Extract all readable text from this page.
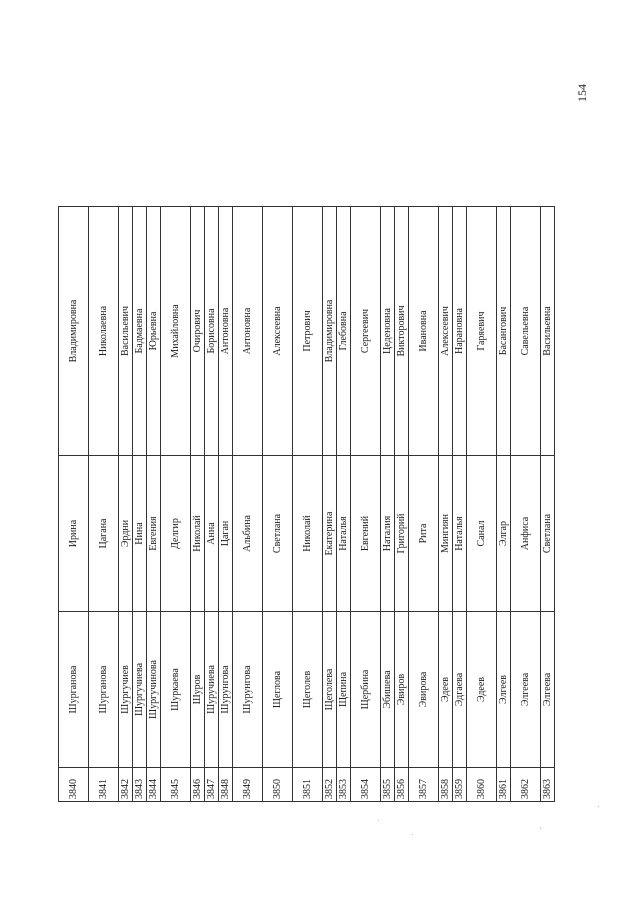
154
3840	Шурганова	Ирина	Владимировна
3841	Шурганова	Цагана	Николаевна
3842	Шургучиев	Эрдни	Васильевич
3843	Шургучиева	Нина	Бадмаевна
3844	Шургучинова	Евгения	Юрьевна
3845	Шуркаева	Делгир	Михайловна
3846	Шуров	Николай	Очирович
3847	Шуручиева	Анна	Борисовна
3848	Шурунгова	Цаган	Антоновна
3849	Шурунгова	Альбина	Антоновна
3850	Щеглова	Светлана	Алексеевна
3851	Щеголев	Николай	Петрович
3852	Щеголева	Екатерина	Владимировна
3853	Щепина	Наталья	Глебовна
3854	Щербина	Евгений	Сергеевич
3855	Эбишева	Наталия	Цеденовна
3856	Эвиров	Григорий	Викторович
3857	Эвирова	Рита	Ивановна
3858	Эдеев	Мингиян	Алексеевич
3859	Эдгаева	Наталья	Нарановна
3860	Эдеев	Санал	Гаряевич
3861	Элгеев	Элгар	Басангович
3862	Элгеева	Анфиса	Савельевна
3863	Элгеева	Светлана	Васильевна
